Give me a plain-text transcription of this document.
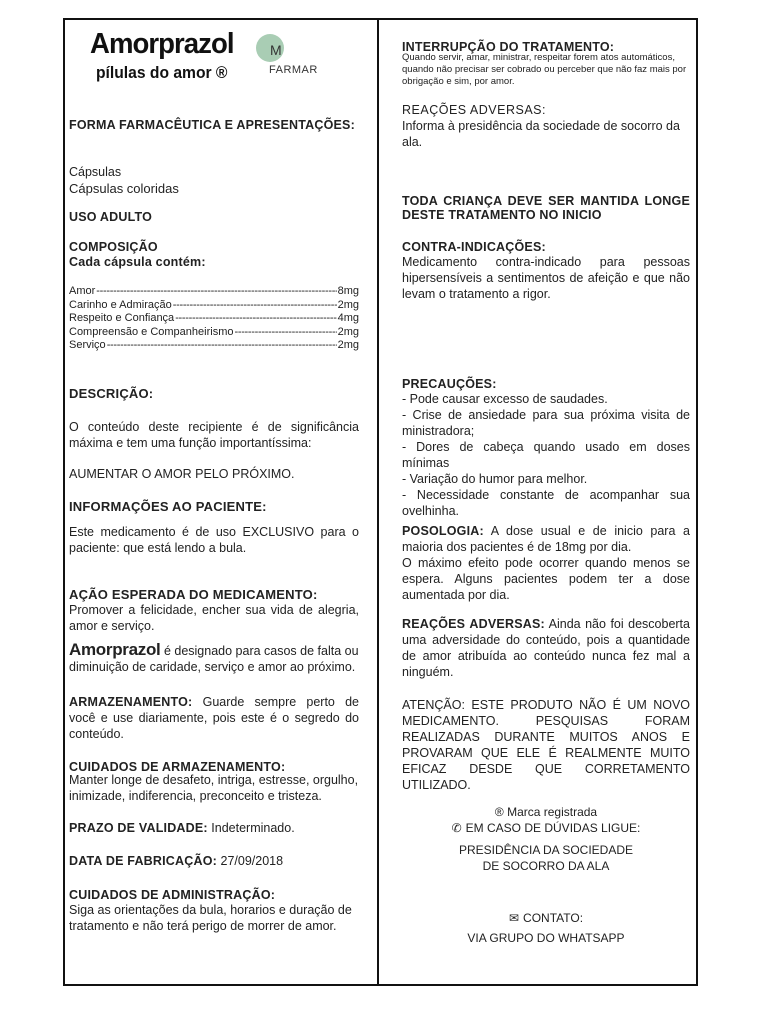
Amorprazol	M
pílulas do amor ®	FARMAR
FORMA FARMACÊUTICA E APRESENTAÇÕES:
Cápsulas
Cápsulas coloridas
USO ADULTO
COMPOSIÇÃO
Cada cápsula contém:
Amor -----	8mg
Carinho e Admiração -----	2mg
Respeito e Confiança -----	4mg
Compreensão e Companheirismo -----	2mg
Serviço -----	2mg
DESCRIÇÃO:
O conteúdo deste recipiente é de significância máxima e tem uma função importantíssima:
AUMENTAR O AMOR PELO PRÓXIMO.
INFORMAÇÕES AO PACIENTE:
Este medicamento é de uso EXCLUSIVO para o paciente: que está lendo a bula.
AÇÃO ESPERADA DO MEDICAMENTO:
Promover a felicidade, encher sua vida de alegria, amor e serviço.
Amorprazol é designado para casos de falta ou diminuição de caridade, serviço e amor ao próximo.
ARMAZENAMENTO: Guarde sempre perto de você e use diariamente, pois este é o segredo do conteúdo.
CUIDADOS DE ARMAZENAMENTO:
Manter longe de desafeto, intriga, estresse, orgulho, inimizade, indiferencia, preconceito e tristeza.
PRAZO DE VALIDADE: Indeterminado.
DATA DE FABRICAÇÃO: 27/09/2018
CUIDADOS DE ADMINISTRAÇÃO:
Siga as orientações da bula, horarios e duração de tratamento e não terá perigo de morrer de amor.
INTERRUPÇÃO DO TRATAMENTO:
Quando servir, amar, ministrar, respeitar forem atos automáticos, quando não precisar ser cobrado ou perceber que não faz mais por obrigação e sim, por amor.
REAÇÕES ADVERSAS:
Informa à presidência da sociedade de socorro da ala.
TODA CRIANÇA DEVE SER MANTIDA LONGE DESTE TRATAMENTO NO INICIO
CONTRA-INDICAÇÕES:
Medicamento contra-indicado para pessoas hipersensíveis a sentimentos de afeição e que não levam o tratamento a rigor.
PRECAUÇÕES:
- Pode causar excesso de saudades.
- Crise de ansiedade para sua próxima visita de ministradora;
- Dores de cabeça quando usado em doses mínimas
- Variação do humor para melhor.
- Necessidade constante de acompanhar sua ovelhinha.
POSOLOGIA: A dose usual e de inicio para a maioria dos pacientes é de 18mg por dia.
O máximo efeito pode ocorrer quando menos se espera. Alguns pacientes podem ter a dose aumentada por dia.
REAÇÕES ADVERSAS: Ainda não foi descoberta uma adversidade do conteúdo, pois a quantidade de amor atribuída ao conteúdo nunca fez mal a ninguém.
ATENÇÃO: ESTE PRODUTO NÃO É UM NOVO MEDICAMENTO. PESQUISAS FORAM REALIZADAS DURANTE MUITOS ANOS E PROVARAM QUE ELE É REALMENTE MUITO EFICAZ DESDE QUE CORRETAMENTO UTILIZADO.
® Marca registrada
✆ EM CASO DE DÚVIDAS LIGUE:
PRESIDÊNCIA DA SOCIEDADE
DE SOCORRO DA ALA
✉ CONTATO:
VIA GRUPO DO WHATSAPP
